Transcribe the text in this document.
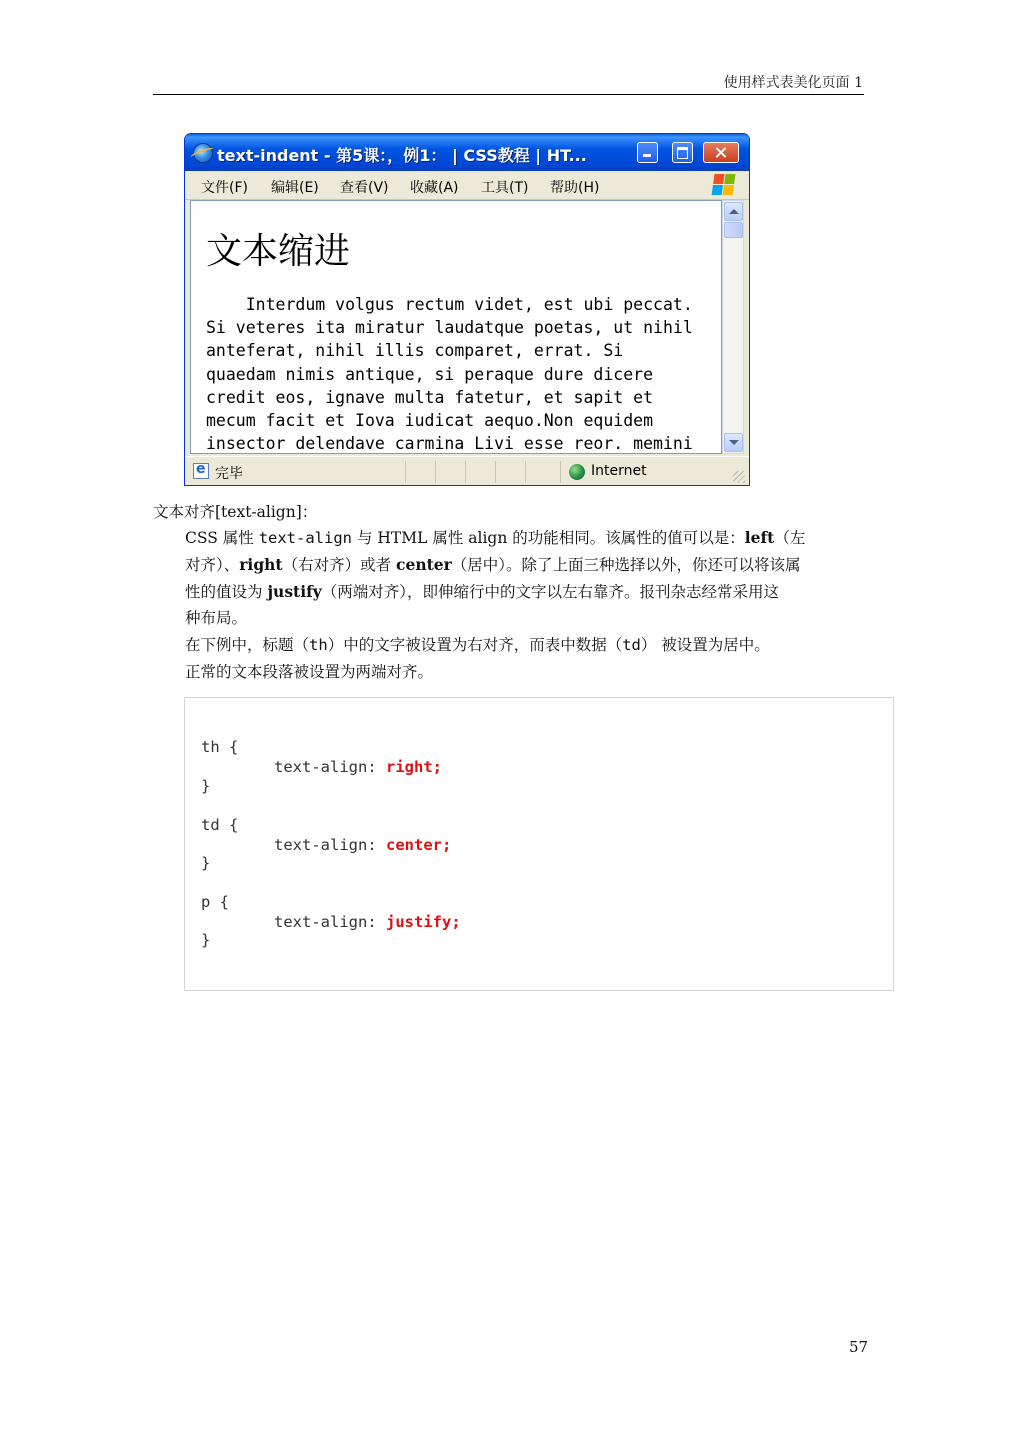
使用样式表美化页面 1
text-indent - 第5课：，例1： | CSS教程 | HT...
文件(F) 编辑(E) 查看(V) 收藏(A) 工具(T) 帮助(H)
文本缩进
Interdum volgus rectum videt, est ubi peccat.
Si veteres ita miratur laudatque poetas, ut nihil
anteferat, nihil illis comparet, errat. Si
quaedam nimis antique, si peraque dure dicere
credit eos, ignave multa fatetur, et sapit et
mecum facit et Iova iudicat aequo.Non equidem
insector delendave carmina Livi esse reor. memini
e
完毕	Internet
文本对齐[text-align]：
CSS 属性 text-align 与 HTML 属性 align 的功能相同。该属性的值可以是：left（左
对齐）、right（右对齐）或者 center（居中）。除了上面三种选择以外，你还可以将该属
性的值设为 justify（两端对齐），即伸缩行中的文字以左右靠齐。报刊杂志经常采用这
种布局。
在下例中，标题（th）中的文字被设置为右对齐，而表中数据（td） 被设置为居中。
正常的文本段落被设置为两端对齐。
th {
text-align: right;
}
td {
text-align: center;
}
p {
text-align: justify;
}
57
